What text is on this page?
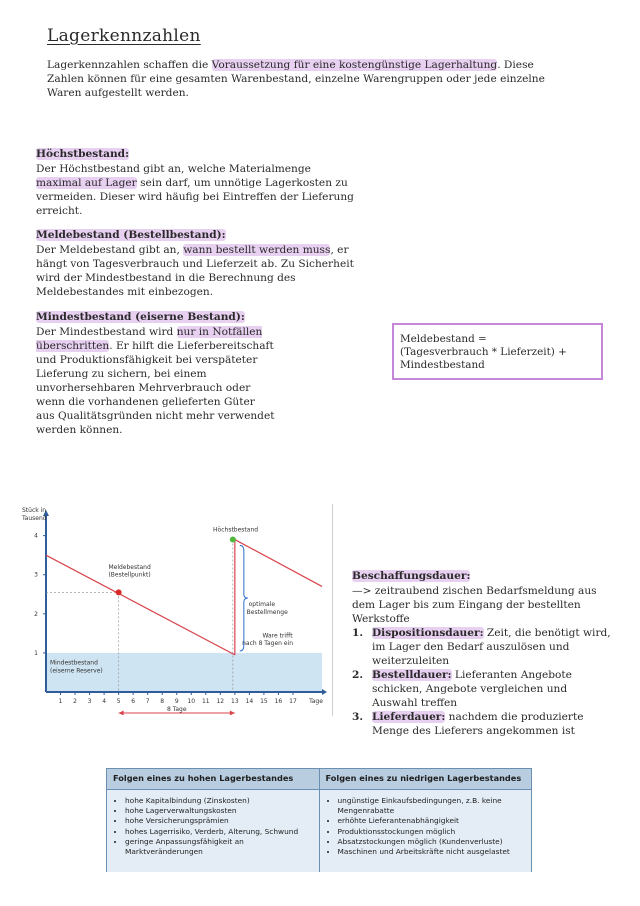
Lagerkennzahlen
Lagerkennzahlen schaffen die Voraussetzung für eine kostengünstige Lagerhaltung. Diese Zahlen können für eine gesamten Warenbestand, einzelne Warengruppen oder jede einzelne Waren aufgestellt werden.
Höchstbestand:
Der Höchstbestand gibt an, welche Materialmenge maximal auf Lager sein darf, um unnötige Lagerkosten zu vermeiden. Dieser wird häufig bei Eintreffen der Lieferung erreicht.
Meldebestand (Bestellbestand):
Der Meldebestand gibt an, wann bestellt werden muss, er hängt von Tagesverbrauch und Lieferzeit ab. Zu Sicherheit wird der Mindestbestand in die Berechnung des Meldebestandes mit einbezogen.
Mindestbestand (eiserne Bestand):
Der Mindestbestand wird nur in Notfällen überschritten. Er hilft die Lieferbereitschaft und Produktionsfähigkeit bei verspäteter Lieferung zu sichern, bei einem unvorhersehbaren Mehrverbrauch oder wenn die vorhandenen gelieferten Güter aus Qualitätsgründen nicht mehr verwendet werden können.
Meldebestand =
(Tagesverbrauch * Lieferzeit) +
Mindestbestand
Stück in
Tausend
1
2
3
4
1 2 3 4 5 6 7 8 9 10 11 12 13 14 15 16 17 Tage
Meldebestand
(Bestellpunkt)
Höchstbestand
optimale
Bestellmenge
Ware trifft
nach 8 Tagen ein
Mindestbestand
(eiserne Reserve)
8 Tage
Beschaffungsdauer:
—> zeitraubend zischen Bedarfsmeldung aus dem Lager bis zum Eingang der bestellten Werkstoffe
1. Dispositionsdauer: Zeit, die benötigt wird, im Lager den Bedarf auszulösen und weiterzuleiten
2. Bestelldauer: Lieferanten Angebote schicken, Angebote vergleichen und Auswahl treffen
3. Lieferdauer: nachdem die produzierte Menge des Lieferers angekommen ist
Folgen eines zu hohen Lagerbestandes	Folgen eines zu niedrigen Lagerbestandes
• hohe Kapitalbindung (Zinskosten)
• hohe Lagerverwaltungskosten
• hohe Versicherungsprämien
• hohes Lagerrisiko, Verderb, Alterung, Schwund
• geringe Anpassungsfähigkeit an Marktveränderungen
• ungünstige Einkaufsbedingungen, z.B. keine Mengenrabatte
• erhöhte Lieferantenabhängigkeit
• Produktionsstockungen möglich
• Absatzstockungen möglich (Kundenverluste)
• Maschinen und Arbeitskräfte nicht ausgelastet
